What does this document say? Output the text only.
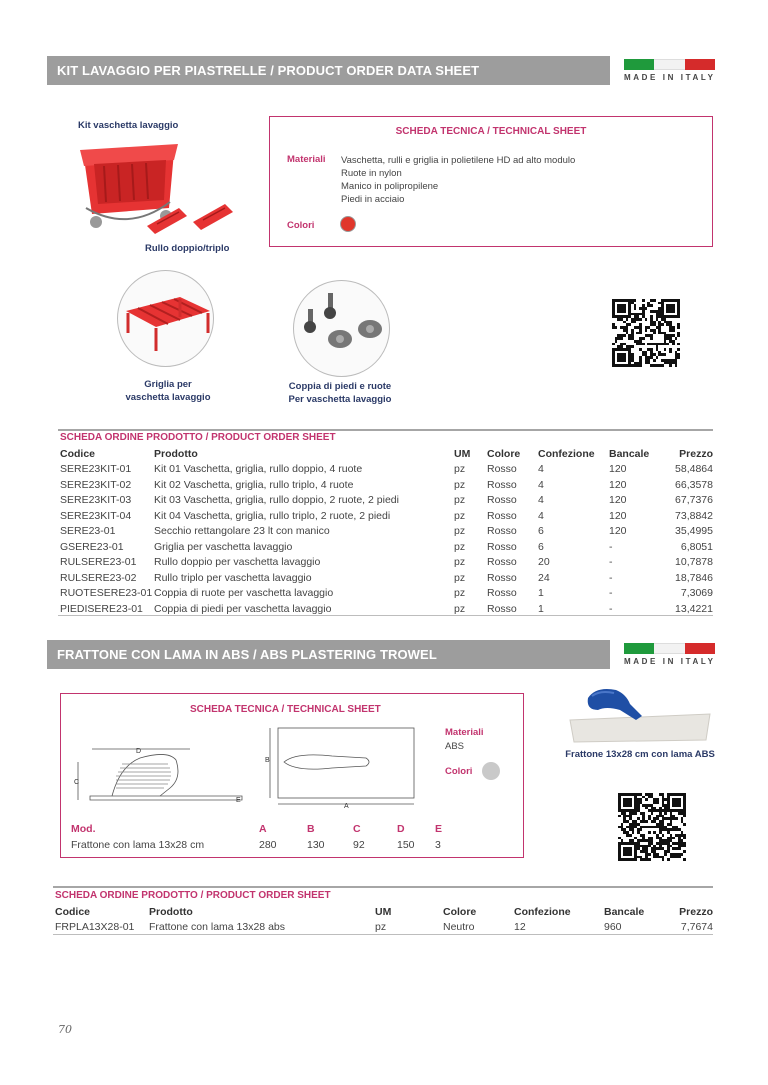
KIT LAVAGGIO PER PIASTRELLE / PRODUCT ORDER DATA SHEET	MADE IN ITALY
Kit vaschetta lavaggio
Rullo doppio/triplo
SCHEDA TECNICA / TECHNICAL SHEET
Materiali Vaschetta, rulli e griglia in polietilene HD ad alto modulo
Ruote in nylon
Manico in polipropilene
Piedi in acciaio
Colori
Griglia per
vaschetta lavaggio
Coppia di piedi e ruote
Per vaschetta lavaggio
SCHEDA ORDINE PRODOTTO / PRODUCT ORDER SHEET
Codice	Prodotto	UM	Colore	Confezione	Bancale	Prezzo
SERE23KIT-01	Kit 01 Vaschetta, griglia, rullo doppio, 4 ruote	pz	Rosso	4	120	58,4864
SERE23KIT-02	Kit 02 Vaschetta, griglia, rullo triplo, 4 ruote	pz	Rosso	4	120	66,3578
SERE23KIT-03	Kit 03 Vaschetta, griglia, rullo doppio, 2 ruote, 2 piedi	pz	Rosso	4	120	67,7376
SERE23KIT-04	Kit 04 Vaschetta, griglia, rullo triplo, 2 ruote, 2 piedi	pz	Rosso	4	120	73,8842
SERE23-01	Secchio rettangolare 23 lt con manico	pz	Rosso	6	120	35,4995
GSERE23-01	Griglia per vaschetta lavaggio	pz	Rosso	6	-	6,8051
RULSERE23-01	Rullo doppio per vaschetta lavaggio	pz	Rosso	20	-	10,7878
RULSERE23-02	Rullo triplo per vaschetta lavaggio	pz	Rosso	24	-	18,7846
RUOTESERE23-01	Coppia di ruote per vaschetta lavaggio	pz	Rosso	1	-	7,3069
PIEDISERE23-01	Coppia di piedi per vaschetta lavaggio	pz	Rosso	1	-	13,4221
FRATTONE CON LAMA IN ABS / ABS PLASTERING TROWEL	MADE IN ITALY
SCHEDA TECNICA / TECHNICAL SHEET
D
C
E
B
A
Materiali
ABS
Colori
Mod.	A	B	C	D	E
Frattone con lama 13x28 cm	280	130	92	150	3
Frattone 13x28 cm con lama ABS
SCHEDA ORDINE PRODOTTO / PRODUCT ORDER SHEET
Codice	Prodotto	UM	Colore	Confezione	Bancale	Prezzo
FRPLA13X28-01	Frattone con lama 13x28 abs	pz	Neutro	12	960	7,7674
70
